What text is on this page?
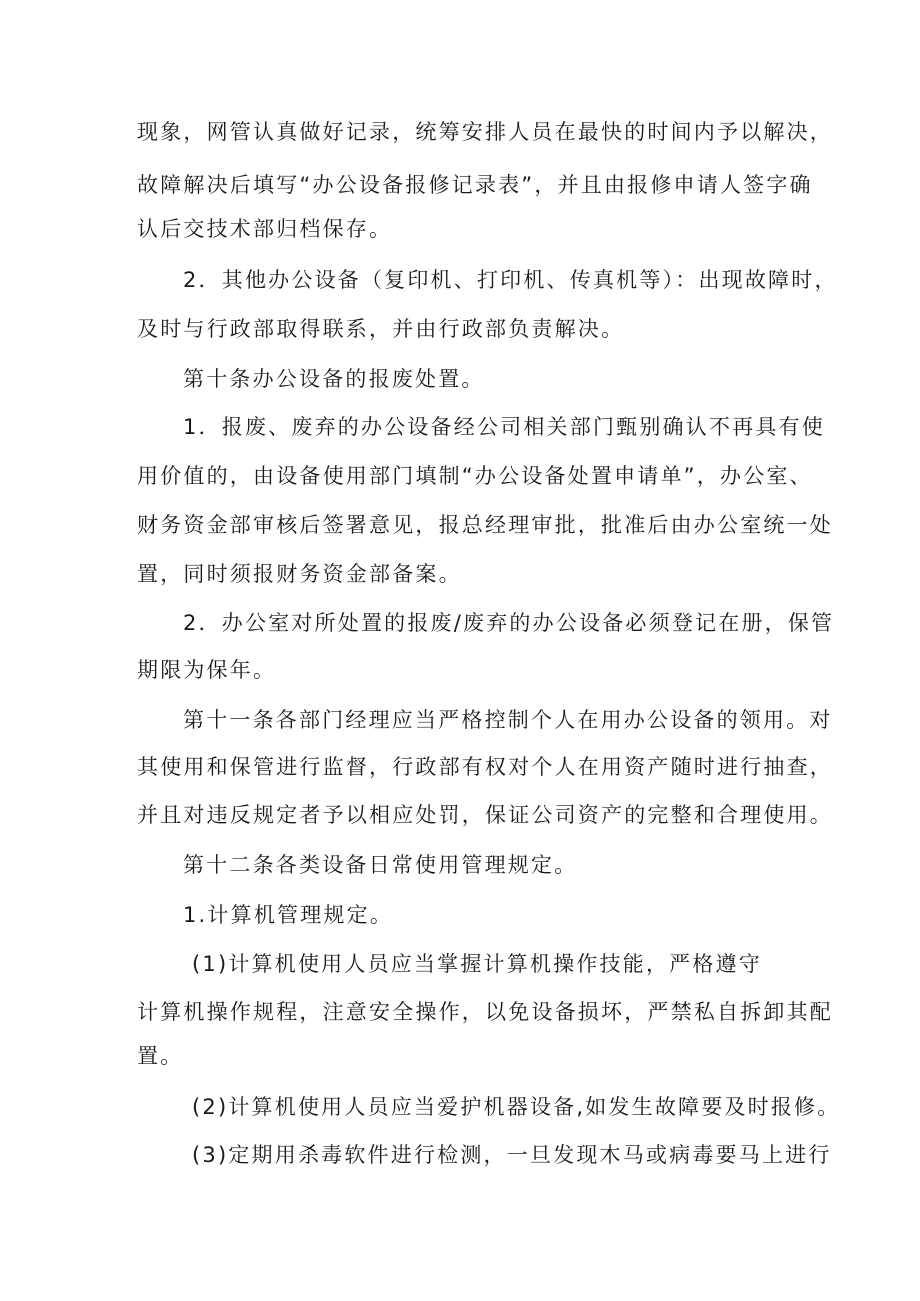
现象，网管认真做好记录，统筹安排人员在最快的时间内予以解决，
故障解决后填写“办公设备报修记录表”，并且由报修申请人签字确
认后交技术部归档保存。
2．其他办公设备（复印机、打印机、传真机等）：出现故障时，
及时与行政部取得联系，并由行政部负责解决。
第十条办公设备的报废处置。
1．报废、废弃的办公设备经公司相关部门甄别确认不再具有使
用价值的，由设备使用部门填制“办公设备处置申请单”，办公室、
财务资金部审核后签署意见，报总经理审批，批准后由办公室统一处
置，同时须报财务资金部备案。
2．办公室对所处置的报废/废弃的办公设备必须登记在册，保管
期限为保年。
第十一条各部门经理应当严格控制个人在用办公设备的领用。对
其使用和保管进行监督，行政部有权对个人在用资产随时进行抽查，
并且对违反规定者予以相应处罚，保证公司资产的完整和合理使用。
第十二条各类设备日常使用管理规定。
1.计算机管理规定。
(1)计算机使用人员应当掌握计算机操作技能，严格遵守
计算机操作规程，注意安全操作，以免设备损坏，严禁私自拆卸其配
置。
(2)计算机使用人员应当爱护机器设备,如发生故障要及时报修。
(3)定期用杀毒软件进行检测，一旦发现木马或病毒要马上进行
